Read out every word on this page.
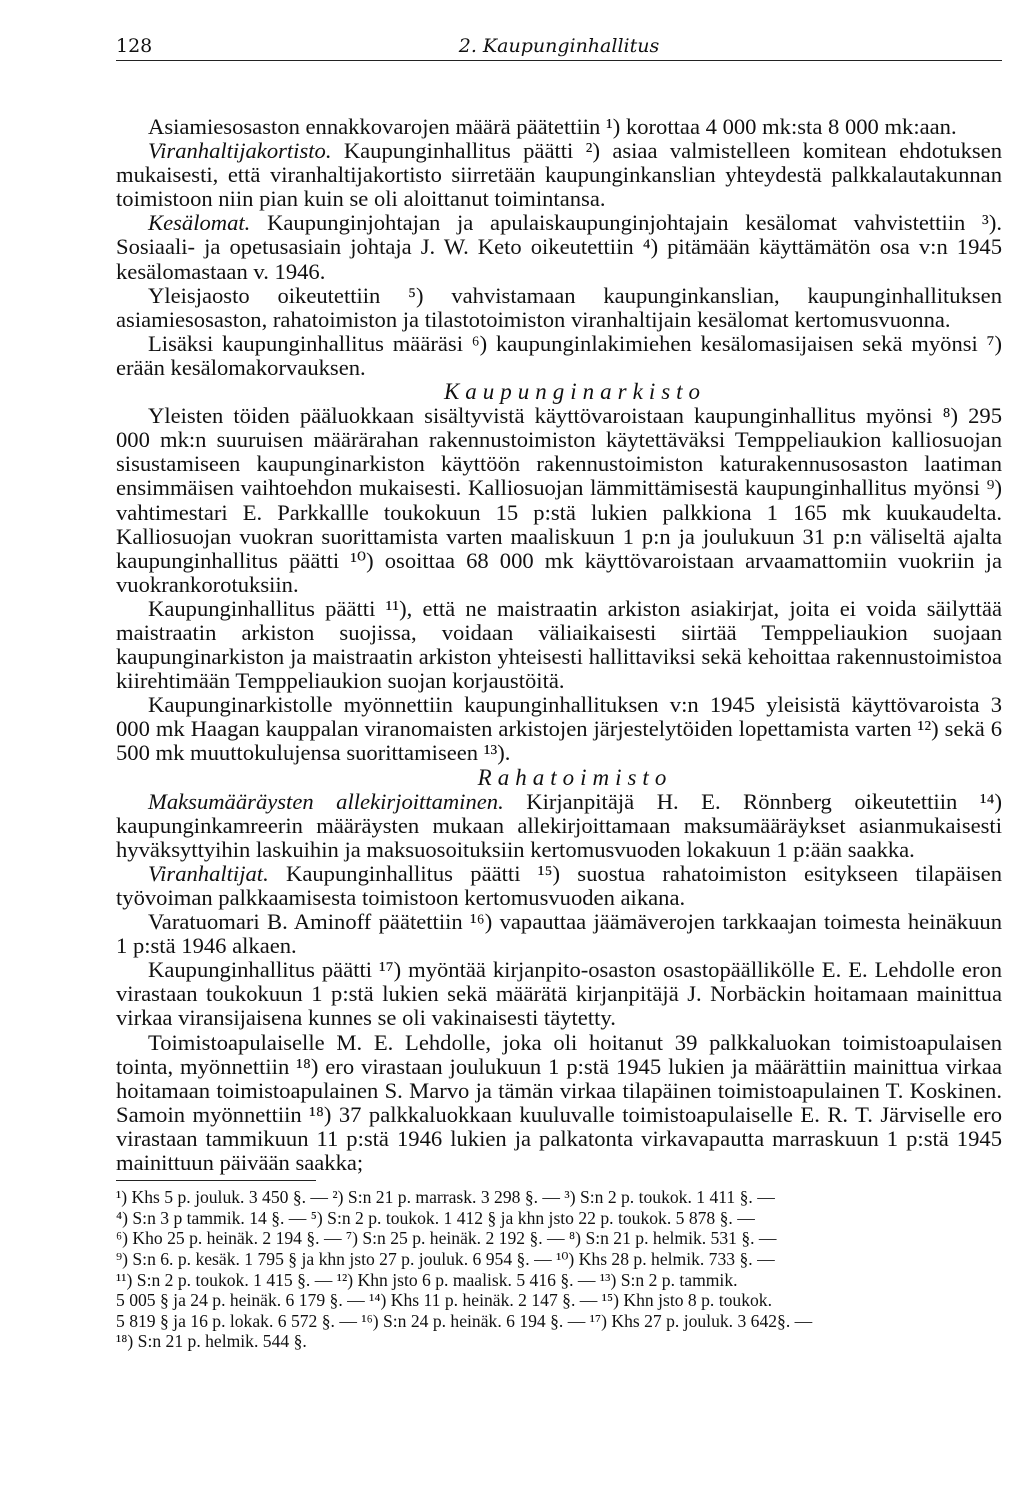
128	2. Kaupunginhallitus

Asiamiesosaston ennakkovarojen määrä päätettiin ¹) korottaa 4 000 mk:sta 8 000 mk:aan.

Viranhaltijakortisto. Kaupunginhallitus päätti ²) asiaa valmistelleen komitean ehdotuksen mukaisesti, että viranhaltijakortisto siirretään kaupunginkanslian yhteydestä palkkalautakunnan toimistoon niin pian kuin se oli aloittanut toimintansa.

Kesälomat. Kaupunginjohtajan ja apulaiskaupunginjohtajain kesälomat vahvistettiin ³). Sosiaali- ja opetusasiain johtaja J. W. Keto oikeutettiin ⁴) pitämään käyttämätön osa v:n 1945 kesälomastaan v. 1946.

Yleisjaosto oikeutettiin ⁵) vahvistamaan kaupunginkanslian, kaupunginhallituksen asiamiesosaston, rahatoimiston ja tilastotoimiston viranhaltijain kesälomat kertomusvuonna.

Lisäksi kaupunginhallitus määräsi ⁶) kaupunginlakimiehen kesälomasijaisen sekä myönsi ⁷) erään kesälomakorvauksen.

Kaupunginarkisto

Yleisten töiden pääluokkaan sisältyvistä käyttövaroistaan kaupunginhallitus myönsi ⁸) 295 000 mk:n suuruisen määrärahan rakennustoimiston käytettäväksi Temppeliaukion kalliosuojan sisustamiseen kaupunginarkiston käyttöön rakennustoimiston katurakennusosaston laatiman ensimmäisen vaihtoehdon mukaisesti. Kalliosuojan lämmittämisestä kaupunginhallitus myönsi ⁹) vahtimestari E. Parkkallle toukokuun 15 p:stä lukien palkkiona 1 165 mk kuukaudelta. Kalliosuojan vuokran suorittamista varten maaliskuun 1 p:n ja joulukuun 31 p:n väliseltä ajalta kaupunginhallitus päätti ¹⁰) osoittaa 68 000 mk käyttövaroistaan arvaamattomiin vuokriin ja vuokrankorotuksiin.

Kaupunginhallitus päätti ¹¹), että ne maistraatin arkiston asiakirjat, joita ei voida säilyttää maistraatin arkiston suojissa, voidaan väliaikaisesti siirtää Temppeliaukion suojaan kaupunginarkiston ja maistraatin arkiston yhteisesti hallittaviksi sekä kehoittaa rakennustoimistoa kiirehtimään Temppeliaukion suojan korjaustöitä.

Kaupunginarkistolle myönnettiin kaupunginhallituksen v:n 1945 yleisistä käyttövaroista 3 000 mk Haagan kauppalan viranomaisten arkistojen järjestelytöiden lopettamista varten ¹²) sekä 6 500 mk muuttokulujensa suorittamiseen ¹³).

Rahatoimisto

Maksumääräysten allekirjoittaminen. Kirjanpitäjä H. E. Rönnberg oikeutettiin ¹⁴) kaupunginkamreerin määräysten mukaan allekirjoittamaan maksumääräykset asianmukaisesti hyväksyttyihin laskuihin ja maksuosoituksiin kertomusvuoden lokakuun 1 p:ään saakka.

Viranhaltijat. Kaupunginhallitus päätti ¹⁵) suostua rahatoimiston esitykseen tilapäisen työvoiman palkkaamisesta toimistoon kertomusvuoden aikana.

Varatuomari B. Aminoff päätettiin ¹⁶) vapauttaa jäämäverojen tarkkaajan toimesta heinäkuun 1 p:stä 1946 alkaen.

Kaupunginhallitus päätti ¹⁷) myöntää kirjanpito-osaston osastopäällikölle E. E. Lehdolle eron virastaan toukokuun 1 p:stä lukien sekä määrätä kirjanpitäjä J. Norbäckin hoitamaan mainittua virkaa viransijaisena kunnes se oli vakinaisesti täytetty.

Toimistoapulaiselle M. E. Lehdolle, joka oli hoitanut 39 palkkaluokan toimistoapulaisen tointa, myönnettiin ¹⁸) ero virastaan joulukuun 1 p:stä 1945 lukien ja määrättiin mainittua virkaa hoitamaan toimistoapulainen S. Marvo ja tämän virkaa tilapäinen toimistoapulainen T. Koskinen. Samoin myönnettiin ¹⁸) 37 palkkaluokkaan kuuluvalle toimistoapulaiselle E. R. T. Järviselle ero virastaan tammikuun 11 p:stä 1946 lukien ja palkatonta virkavapautta marraskuun 1 p:stä 1945 mainittuun päivään saakka;

¹) Khs 5 p. jouluk. 3 450 §. — ²) S:n 21 p. marrask. 3 298 §. — ³) S:n 2 p. toukok. 1 411 §. —

⁴) S:n 3 p tammik. 14 §. — ⁵) S:n 2 p. toukok. 1 412 § ja khn jsto 22 p. toukok. 5 878 §. —

⁶) Kho 25 p. heinäk. 2 194 §. — ⁷) S:n 25 p. heinäk. 2 192 §. — ⁸) S:n 21 p. helmik. 531 §. —

⁹) S:n 6. p. kesäk. 1 795 § ja khn jsto 27 p. jouluk. 6 954 §. — ¹⁰) Khs 28 p. helmik. 733 §. —

¹¹) S:n 2 p. toukok. 1 415 §. — ¹²) Khn jsto 6 p. maalisk. 5 416 §. — ¹³) S:n 2 p. tammik.

5 005 § ja 24 p. heinäk. 6 179 §. — ¹⁴) Khs 11 p. heinäk. 2 147 §. — ¹⁵) Khn jsto 8 p. toukok.

5 819 § ja 16 p. lokak. 6 572 §. — ¹⁶) S:n 24 p. heinäk. 6 194 §. — ¹⁷) Khs 27 p. jouluk. 3 642§. —

¹⁸) S:n 21 p. helmik. 544 §.
